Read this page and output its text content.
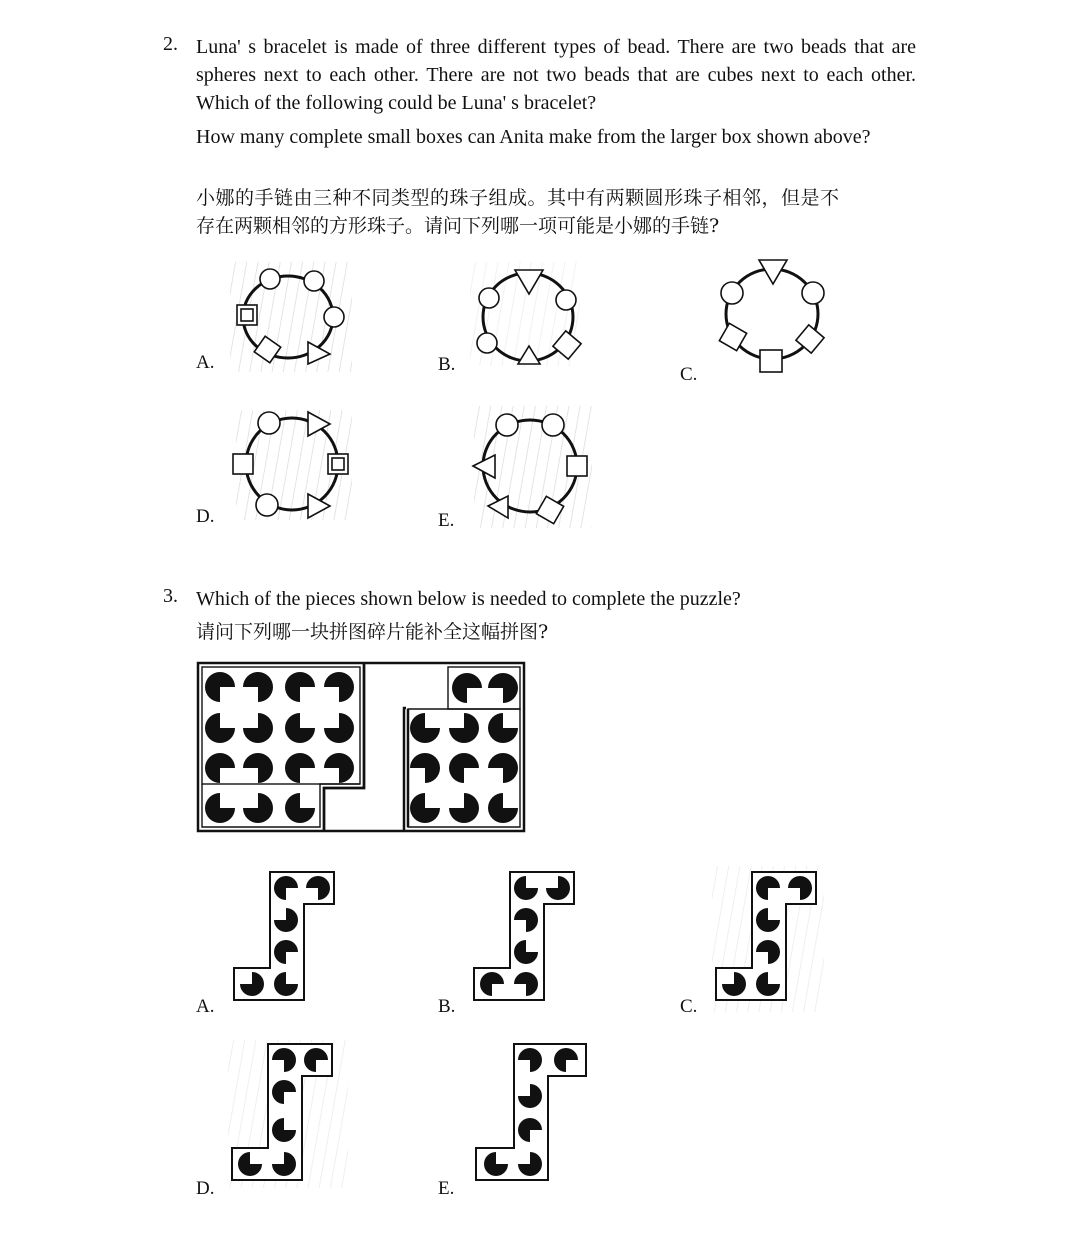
2. Luna' s bracelet is made of three different types of bead. There are two beads that are spheres next to each other. There are not two beads that are cubes next to each other. Which of the following could be Luna' s bracelet?

How many complete small boxes can Anita make from the larger box shown above?

小娜的手链由三种不同类型的珠子组成。其中有两颗圆形珠子相邻，但是不

存在两颗相邻的方形珠子。请问下列哪一项可能是小娜的手链?

A.	B.	C.
D.	E.
3. Which of the pieces shown below is needed to complete the puzzle?

请问下列哪一块拼图碎片能补全这幅拼图?

A.	B.	C.
D.	E.
